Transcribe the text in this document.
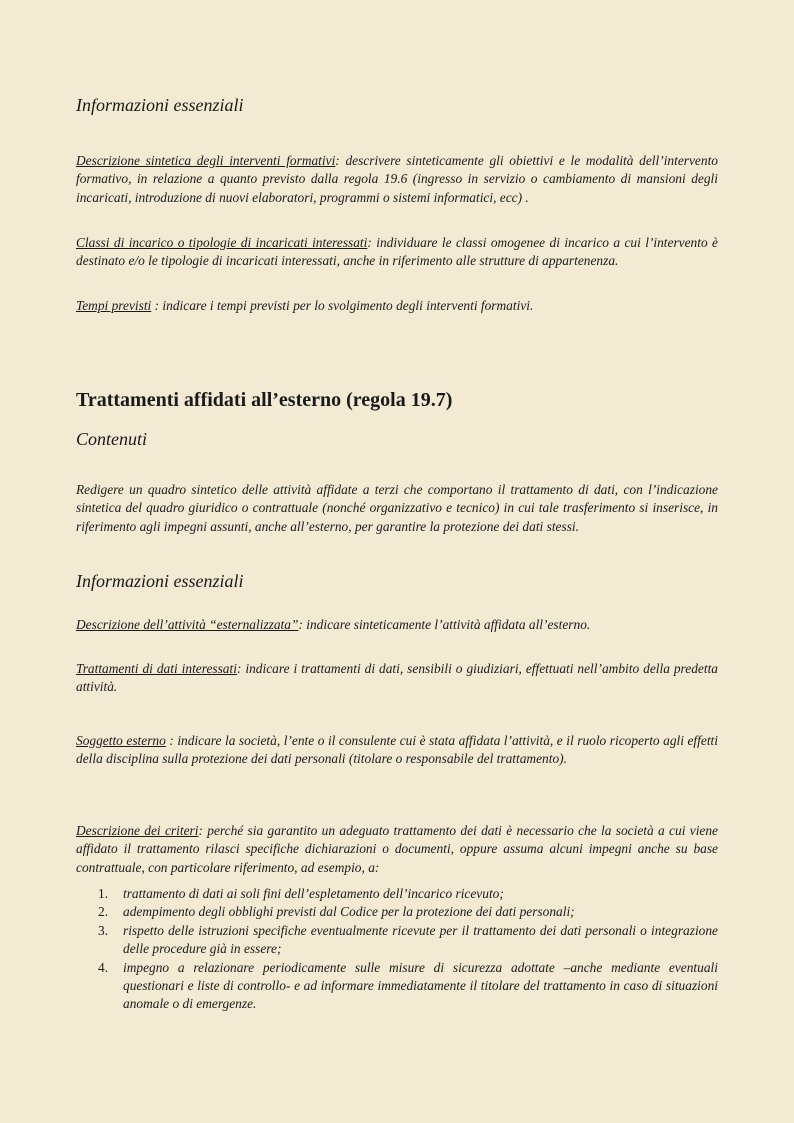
Informazioni essenziali

Descrizione sintetica degli interventi formativi: descrivere sinteticamente gli obiettivi e le modalità dell’intervento formativo, in relazione a quanto previsto dalla regola 19.6 (ingresso in servizio o cambiamento di mansioni degli incaricati, introduzione di nuovi elaboratori, programmi o sistemi informatici, ecc) .

Classi di incarico o tipologie di incaricati interessati: individuare le classi omogenee di incarico a cui l’intervento è destinato e/o le tipologie di incaricati interessati, anche in riferimento alle strutture di appartenenza.

Tempi previsti : indicare i tempi previsti per lo svolgimento degli interventi formativi.

Trattamenti affidati all’esterno (regola 19.7)
Contenuti

Redigere un quadro sintetico delle attività affidate a terzi che comportano il trattamento di dati, con l’indicazione sintetica del quadro giuridico o contrattuale (nonché organizzativo e tecnico) in cui tale trasferimento si inserisce, in riferimento agli impegni assunti, anche all’esterno, per garantire la protezione dei dati stessi.

Informazioni essenziali

Descrizione dell’attività “esternalizzata”: indicare sinteticamente l’attività affidata all’esterno.

Trattamenti di dati interessati: indicare i trattamenti di dati, sensibili o giudiziari, effettuati nell’ambito della predetta attività.

Soggetto esterno : indicare la società, l’ente o il consulente cui è stata affidata l’attività, e il ruolo ricoperto agli effetti della disciplina sulla protezione dei dati personali (titolare o responsabile del trattamento).

Descrizione dei criteri: perché sia garantito un adeguato trattamento dei dati è necessario che la società a cui viene affidato il trattamento rilasci specifiche dichiarazioni o documenti, oppure assuma alcuni impegni anche su base contrattuale, con particolare riferimento, ad esempio, a:

1. trattamento di dati ai soli fini dell’espletamento dell’incarico ricevuto;
2. adempimento degli obblighi previsti dal Codice per la protezione dei dati personali;
3. rispetto delle istruzioni specifiche eventualmente ricevute per il trattamento dei dati personali o integrazione delle procedure già in essere;
4. impegno a relazionare periodicamente sulle misure di sicurezza adottate –anche mediante eventuali questionari e liste di controllo- e ad informare immediatamente il titolare del trattamento in caso di situazioni anomale o di emergenze.
